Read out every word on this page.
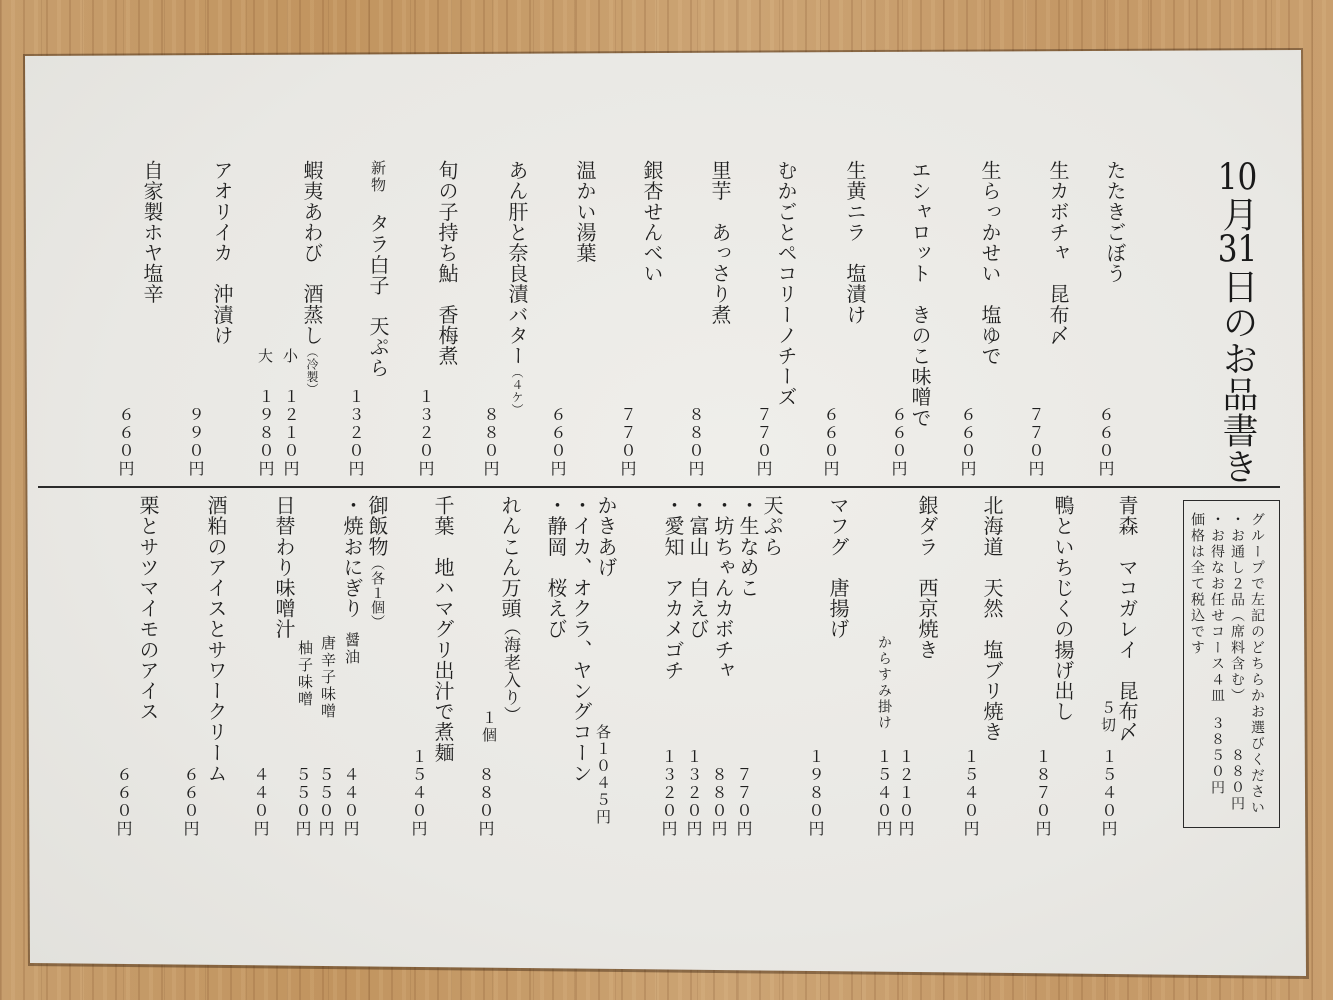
10月31日のお品書き
たたきごぼう
６６０円
生カボチャ　昆布〆
７７０円
生らっかせい　塩ゆで
６６０円
エシャロット　きのこ味噌で
６６０円
生黄ニラ　塩漬け
６６０円
むかごとペコリーノチーズ
７７０円
里芋　あっさり煮
８８０円
銀杏せんべい
７７０円
温かい湯葉
６６０円
あん肝と奈良漬バター（４ケ）
８８０円
旬の子持ち鮎　香梅煮
１３２０円
新物
タラ白子　天ぷら
１３２０円
蝦夷あわび　酒蒸し（冷製）
小
１２１０円
大
１９８０円
アオリイカ　沖漬け
９９０円
自家製ホヤ塩辛
６６０円
グループで左記のどちらかお選びください
・お通し２品（席料含む）
８８０円
・お得なお任せコース４皿
３８５０円
価格は全て税込です
青森　マコガレイ　昆布〆
５切
１５４０円
鴨といちじくの揚げ出し
１８７０円
北海道　天然　塩ブリ焼き
１５４０円
銀ダラ　西京焼き
１２１０円
からすみ掛け
１５４０円
マフグ　唐揚げ
１９８０円
天ぷら
・生なめこ
７７０円
・坊ちゃんカボチャ
８８０円
・富山　白えび
１３２０円
・愛知　アカメゴチ
１３２０円
かきあげ
各１０４５円
・イカ、オクラ、ヤングコーン
・静岡　桜えび
れんこん万頭（海老入り）
１個
８８０円
千葉　地ハマグリ出汁で煮麺
１５４０円
御飯物（各１個）
・焼おにぎり
醤油
４４０円
唐辛子味噌
５５０円
柚子味噌
５５０円
日替わり味噌汁
４４０円
酒粕のアイスとサワークリーム
６６０円
栗とサツマイモのアイス
６６０円
